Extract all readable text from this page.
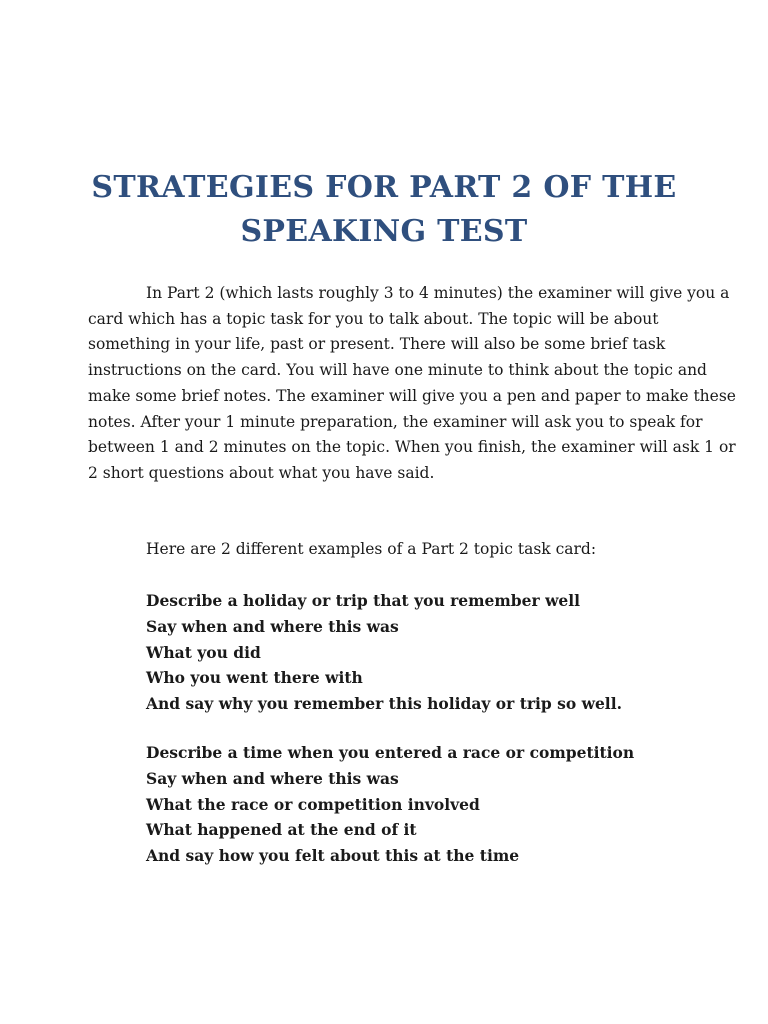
STRATEGIES FOR PART 2 OF THE
SPEAKING TEST

In Part 2 (which lasts roughly 3 to 4 minutes) the examiner will give you a card which has a topic task for you to talk about. The topic will be about something in your life, past or present. There will also be some brief task instructions on the card. You will have one minute to think about the topic and make some brief notes. The examiner will give you a pen and paper to make these notes. After your 1 minute preparation, the examiner will ask you to speak for between 1 and 2 minutes on the topic. When you finish, the examiner will ask 1 or 2 short questions about what you have said.

Here are 2 different examples of a Part 2 topic task card:

Describe a holiday or trip that you remember well
Say when and where this was
What you did
Who you went there with
And say why you remember this holiday or trip so well.
Describe a time when you entered a race or competition
Say when and where this was
What the race or competition involved
What happened at the end of it
And say how you felt about this at the time
